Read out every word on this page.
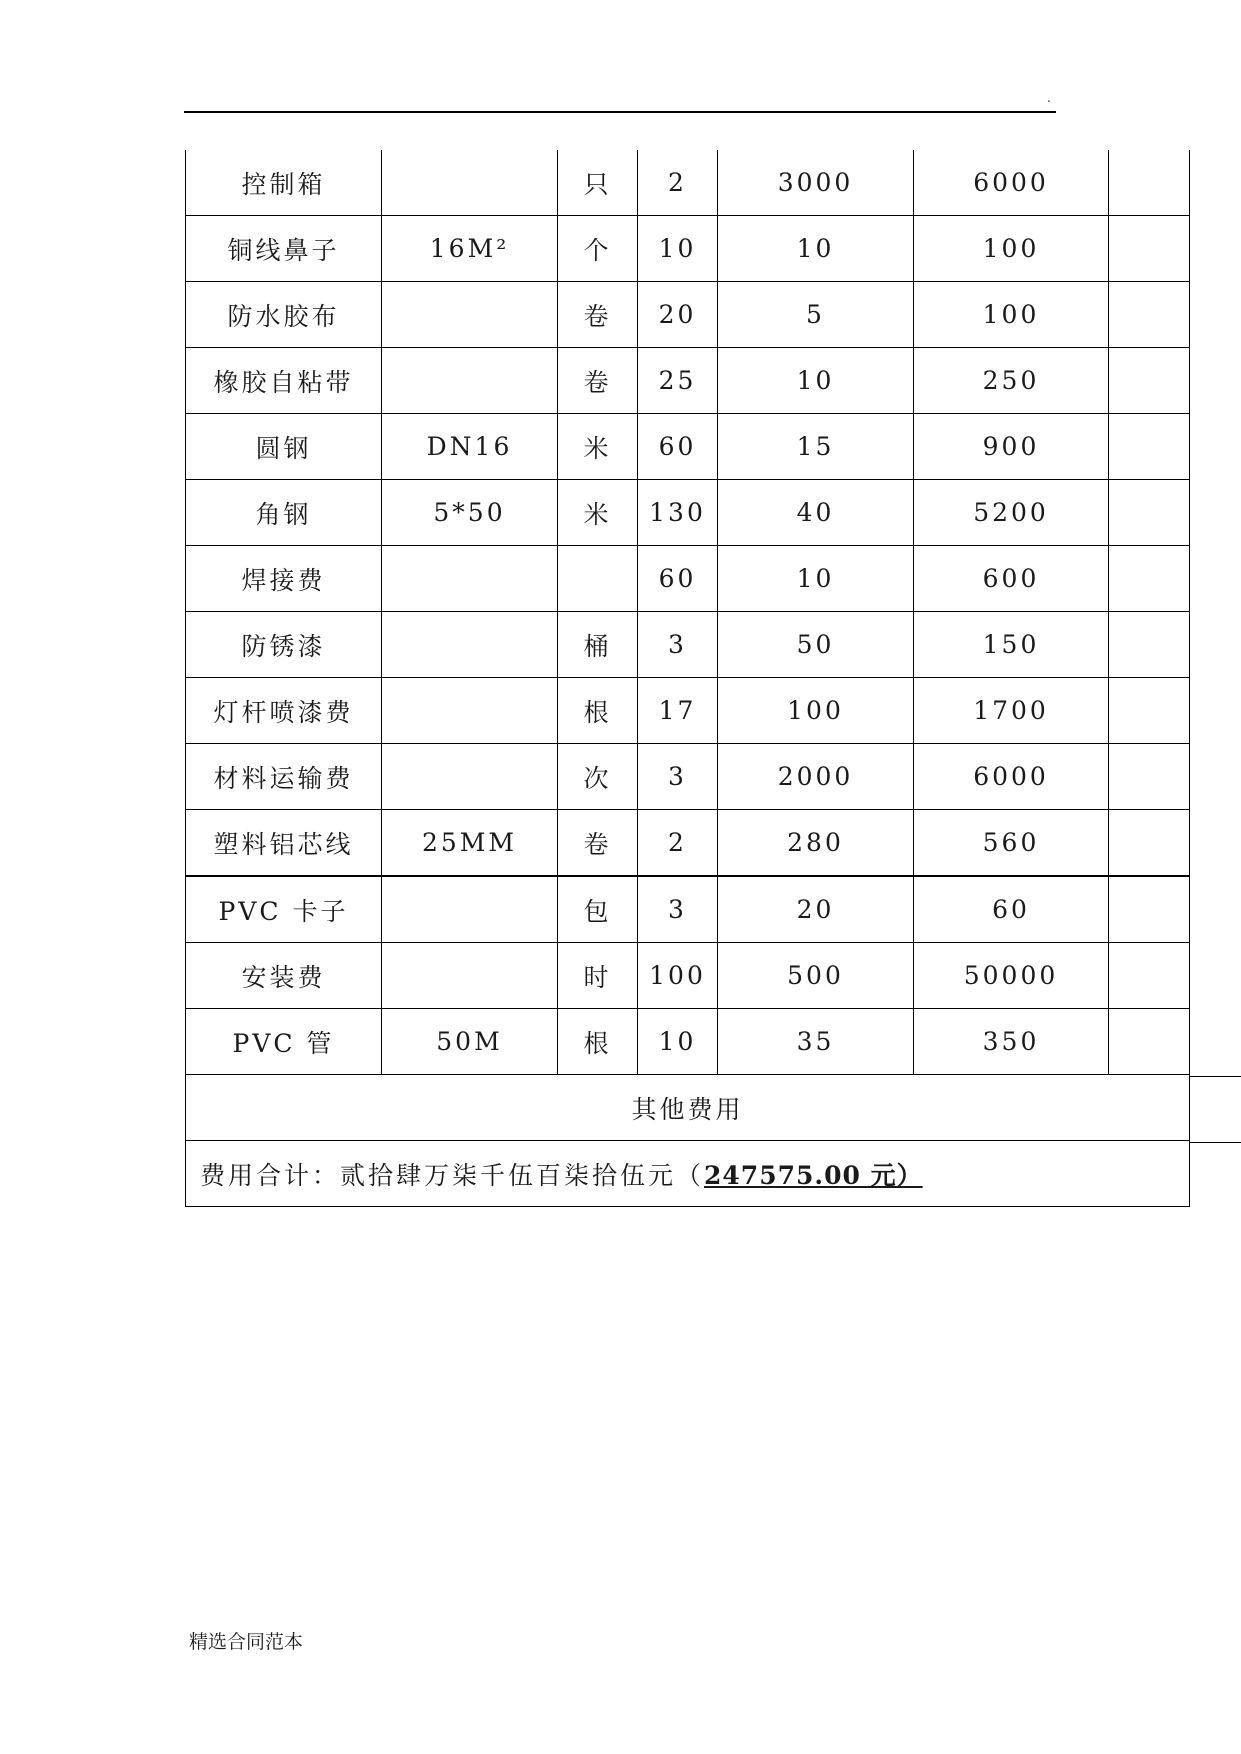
.
控制箱		只	2	3000	6000	
铜线鼻子	16M²	个	10	10	100	
防水胶布		卷	20	5	100	
橡胶自粘带		卷	25	10	250	
圆钢	DN16	米	60	15	900	
角钢	5*50	米	130	40	5200	
焊接费			60	10	600	
防锈漆		桶	3	50	150	
灯杆喷漆费		根	17	100	1700	
材料运输费		次	3	2000	6000	
塑料铝芯线	25MM	卷	2	280	560	
PVC 卡子		包	3	20	60	
安装费		时	100	500	50000	
PVC 管	50M	根	10	35	350	
其他费用						
费用合计：贰拾肆万柒千伍百柒拾伍元（247575.00 元）						
精选合同范本
